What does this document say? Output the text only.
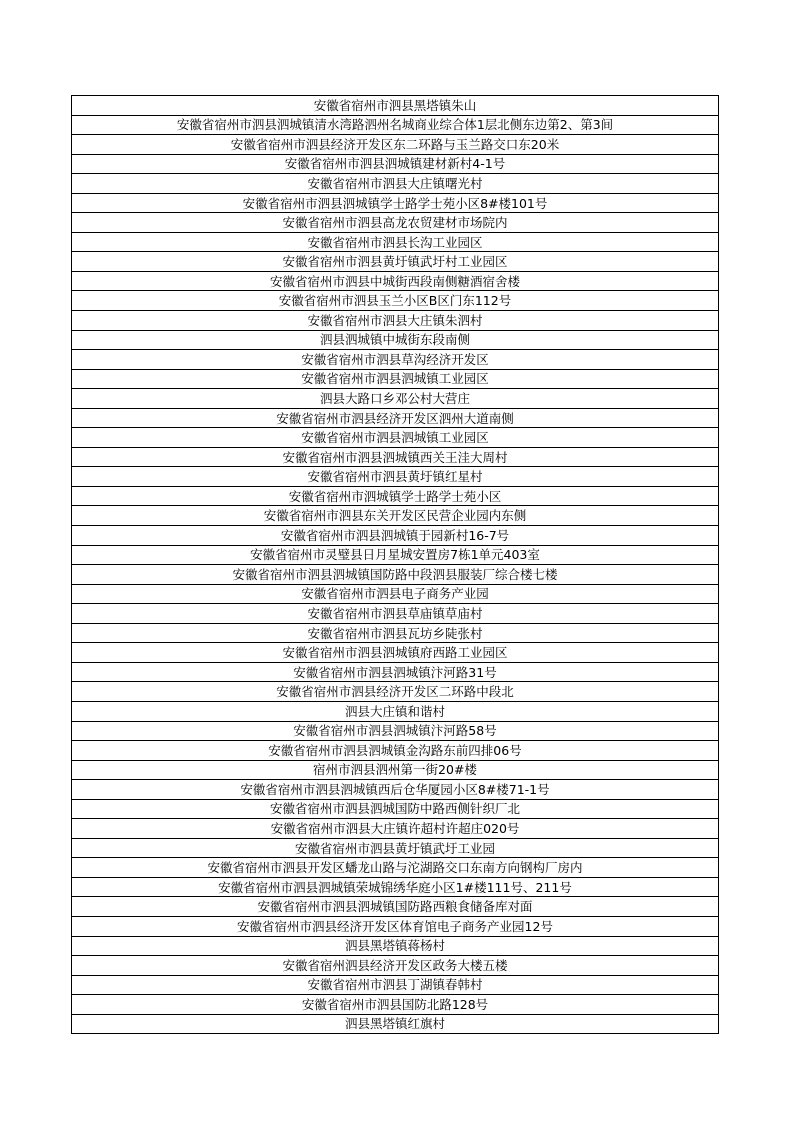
安徽省宿州市泗县黑塔镇朱山
安徽省宿州市泗县泗城镇清水湾路泗州名城商业综合体1层北侧东边第2、第3间
安徽省宿州市泗县经济开发区东二环路与玉兰路交口东20米
安徽省宿州市泗县泗城镇建材新村4-1号
安徽省宿州市泗县大庄镇曙光村
安徽省宿州市泗县泗城镇学士路学士苑小区8#楼101号
安徽省宿州市泗县高龙农贸建材市场院内
安徽省宿州市泗县长沟工业园区
安徽省宿州市泗县黄圩镇武圩村工业园区
安徽省宿州市泗县中城街西段南侧糖酒宿舍楼
安徽省宿州市泗县玉兰小区B区门东112号
安徽省宿州市泗县大庄镇朱泗村
泗县泗城镇中城街东段南侧
安徽省宿州市泗县草沟经济开发区
安徽省宿州市泗县泗城镇工业园区
泗县大路口乡邓公村大营庄
安徽省宿州市泗县经济开发区泗州大道南侧
安徽省宿州市泗县泗城镇工业园区
安徽省宿州市泗县泗城镇西关王洼大周村
安徽省宿州市泗县黄圩镇红星村
安徽省宿州市泗城镇学士路学士苑小区
安徽省宿州市泗县东关开发区民营企业园内东侧
安徽省宿州市泗县泗城镇于园新村16-7号
安徽省宿州市灵璧县日月星城安置房7栋1单元403室
安徽省宿州市泗县泗城镇国防路中段泗县服装厂综合楼七楼
安徽省宿州市泗县电子商务产业园
安徽省宿州市泗县草庙镇草庙村
安徽省宿州市泗县瓦坊乡陡张村
安徽省宿州市泗县泗城镇府西路工业园区
安徽省宿州市泗县泗城镇汴河路31号
安徽省宿州市泗县经济开发区二环路中段北
泗县大庄镇和谐村
安徽省宿州市泗县泗城镇汴河路58号
安徽省宿州市泗县泗城镇金沟路东前四排06号
宿州市泗县泗州第一街20#楼
安徽省宿州市泗县泗城镇西后仓华厦园小区8#楼71-1号
安徽省宿州市泗县泗城国防中路西侧针织厂北
安徽省宿州市泗县大庄镇许超村许超庄020号
安徽省宿州市泗县黄圩镇武圩工业园
安徽省宿州市泗县开发区蟠龙山路与沱湖路交口东南方向钢构厂房内
安徽省宿州市泗县泗城镇荣城锦绣华庭小区1#楼111号、211号
安徽省宿州市泗县泗城镇国防路西粮食储备库对面
安徽省宿州市泗县经济开发区体育馆电子商务产业园12号
泗县黑塔镇蒋杨村
安徽省宿州泗县经济开发区政务大楼五楼
安徽省宿州市泗县丁湖镇春韩村
安徽省宿州市泗县国防北路128号
泗县黑塔镇红旗村
